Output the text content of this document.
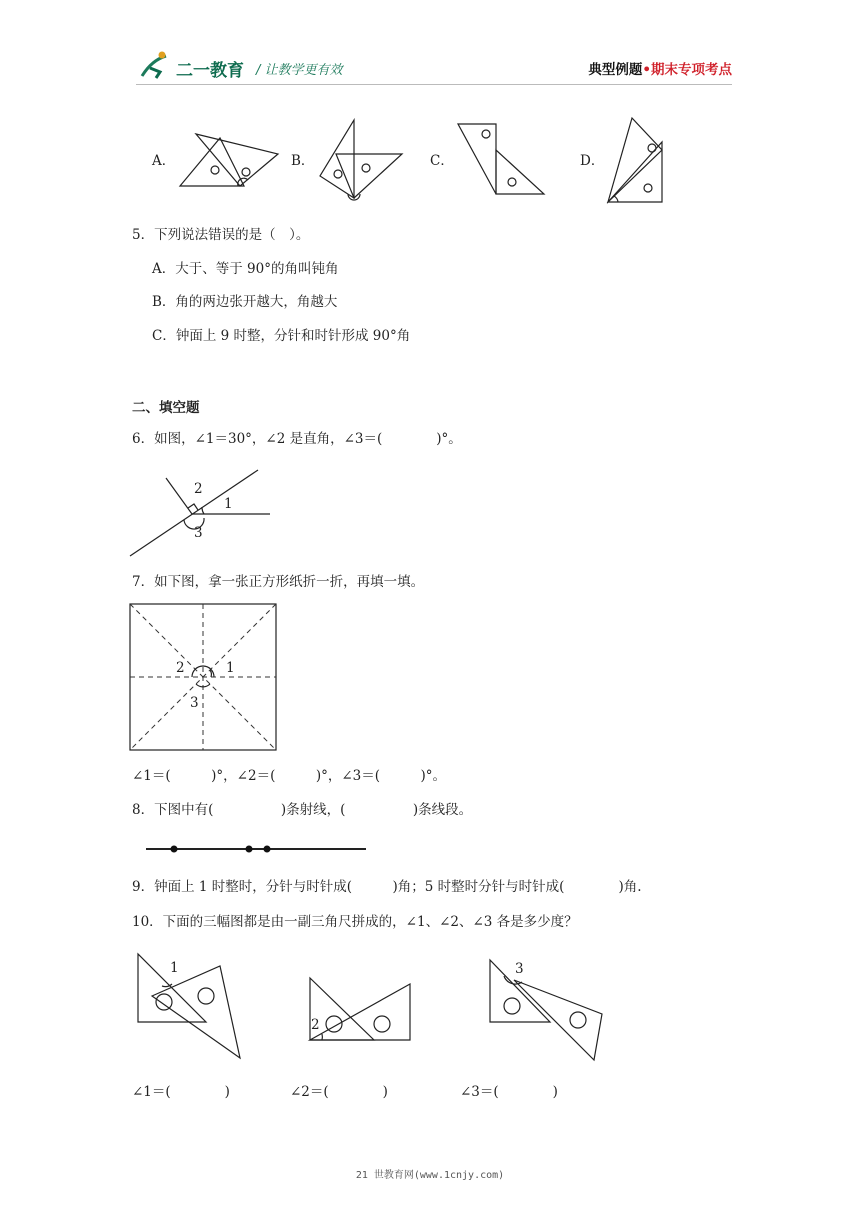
二一教育 / 让教学更有效	典型例题•期末专项考点
A．	B．	C．	D．
5．下列说法错误的是（　）。
A．大于、等于 90°的角叫钝角
B．角的两边张开越大，角越大
C．钟面上 9 时整，分针和时针形成 90°角
二、填空题
6．如图，∠1＝30°，∠2 是直角，∠3＝(　　　　)°。
2
1
3
7．如下图，拿一张正方形纸折一折，再填一填。
2	1
3
∠1＝(　　　)°，∠2＝(　　　)°，∠3＝(　　　)°。
8．下图中有(　　　　　)条射线，(　　　　　)条线段。
9．钟面上 1 时整时，分针与时针成(　　　)角；5 时整时分针与时针成(　　　　)角.
10．下面的三幅图都是由一副三角尺拼成的，∠1、∠2、∠3 各是多少度？
1
2
3
∠1＝(　　　　)	∠2＝(　　　　)	∠3＝(　　　　)
21 世教育网(www.1cnjy.com)
